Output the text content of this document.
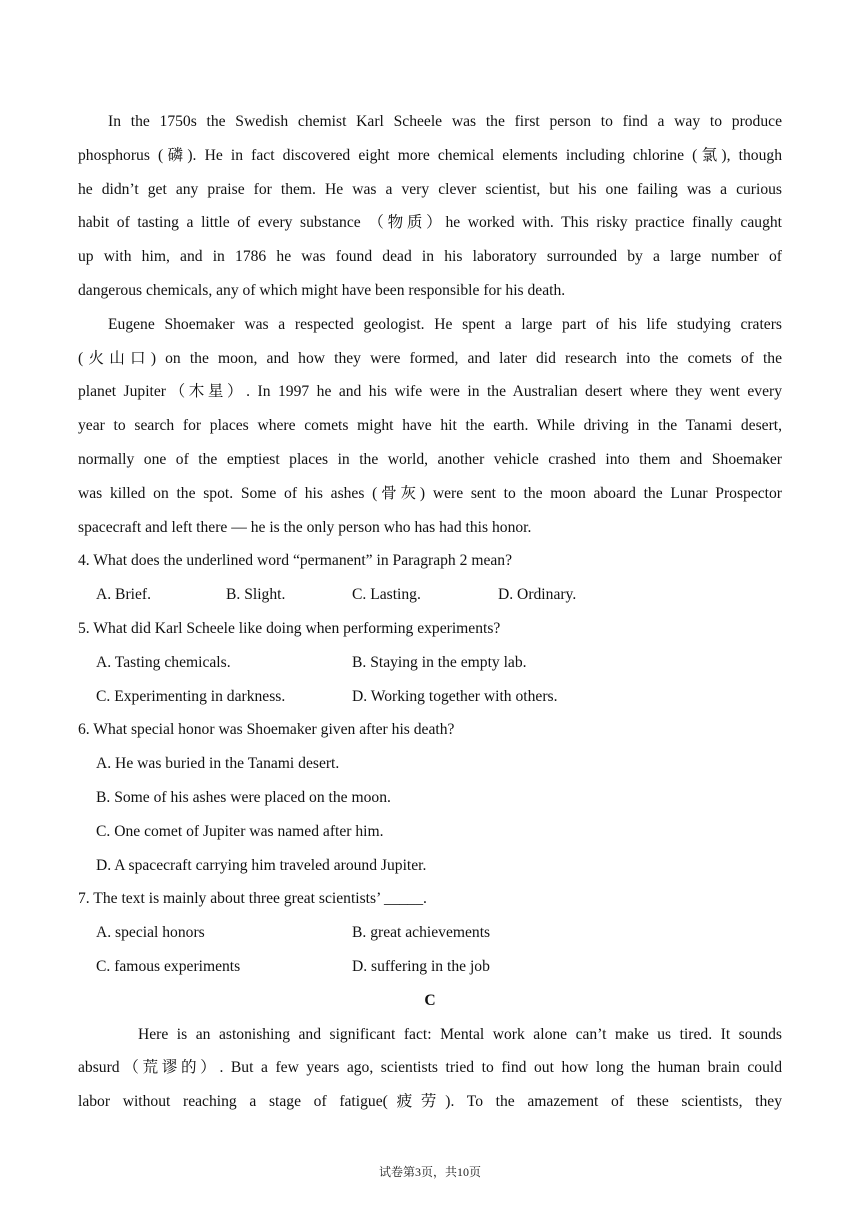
In the 1750s the Swedish chemist Karl Scheele was the first person to find a way to produce
phosphorus (磷). He in fact discovered eight more chemical elements including chlorine (氯), though
he didn’t get any praise for them. He was a very clever scientist, but his one failing was a curious
habit of tasting a little of every substance （物质）he worked with. This risky practice finally caught
up with him, and in 1786 he was found dead in his laboratory surrounded by a large number of
dangerous chemicals, any of which might have been responsible for his death.
Eugene Shoemaker was a respected geologist. He spent a large part of his life studying craters
(火山口) on the moon, and how they were formed, and later did research into the comets of the
planet Jupiter（木星）. In 1997 he and his wife were in the Australian desert where they went every
year to search for places where comets might have hit the earth. While driving in the Tanami desert,
normally one of the emptiest places in the world, another vehicle crashed into them and Shoemaker
was killed on the spot. Some of his ashes (骨灰) were sent to the moon aboard the Lunar Prospector
spacecraft and left there — he is the only person who has had this honor.
4. What does the underlined word “permanent” in Paragraph 2 mean?
A. Brief.	B. Slight.	C. Lasting.	D. Ordinary.
5. What did Karl Scheele like doing when performing experiments?
A. Tasting chemicals.	B. Staying in the empty lab.
C. Experimenting in darkness.	D. Working together with others.
6. What special honor was Shoemaker given after his death?
A. He was buried in the Tanami desert.
B. Some of his ashes were placed on the moon.
C. One comet of Jupiter was named after him.
D. A spacecraft carrying him traveled around Jupiter.
7. The text is mainly about three great scientists’ _____.
A. special honors	B. great achievements
C. famous experiments	D. suffering in the job
C
Here is an astonishing and significant fact: Mental work alone can’t make us tired. It sounds
absurd（荒谬的）. But a few years ago, scientists tried to find out how long the human brain could
labor without reaching a stage of fatigue(疲劳). To the amazement of these scientists, they
试卷第3页，共10页
